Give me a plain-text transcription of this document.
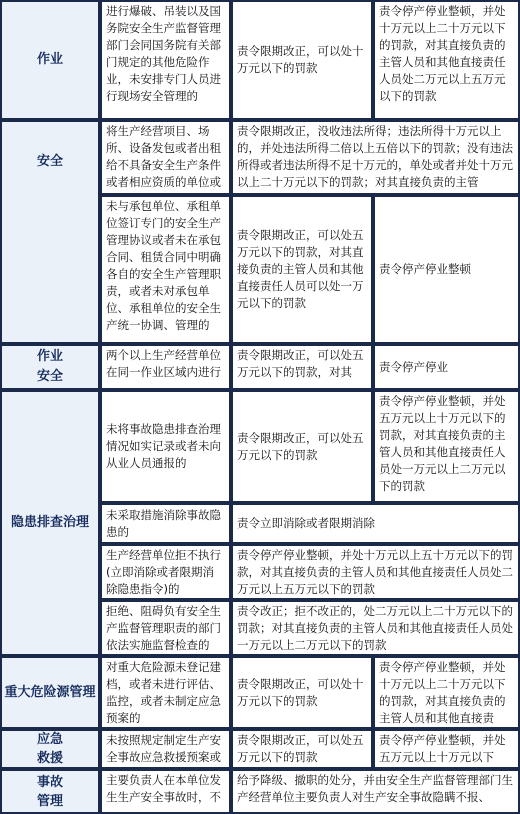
作业
进行爆破、吊装以及国务院安全生产监督管理部门会同国务院有关部门规定的其他危险作业，未安排专门人员进行现场安全管理的
责令限期改正，可以处十万元以下的罚款
责令停产停业整顿，并处十万元以上二十万元以下的罚款，对其直接负责的主管人员和其他直接责任人员处二万元以上五万元以下的罚款
安全
将生产经营项目、场所、设备发包或者出租给不具备安全生产条件或者相应资质的单位或
责令限期改正，没收违法所得；违法所得十万元以上的，并处违法所得二倍以上五倍以下的罚款；没有违法所得或者违法所得不足十万元的，单处或者并处十万元以上二十万元以下的罚款；对其直接负责的主管
未与承包单位、承租单位签订专门的安全生产管理协议或者未在承包合同、租赁合同中明确各自的安全生产管理职责，或者未对承包单位、承租单位的安全生产统一协调、管理的
责令限期改正，可以处五万元以下的罚款，对其直接负责的主管人员和其他直接责任人员可以处一万元以下的罚款
责令停产停业整顿
作业安全
两个以上生产经营单位在同一作业区域内进行
责令限期改正，可以处五万元以下的罚款，对其	责令停产停业
隐患排查治理
未将事故隐患排查治理情况如实记录或者未向从业人员通报的
责令限期改正，可以处五万元以下的罚款
责令停产停业整顿，并处五万元以上十万元以下的罚款，对其直接负责的主管人员和其他直接责任人员处一万元以上二万元以下的罚款
未采取措施消除事故隐患的
责令立即消除或者限期消除
生产经营单位拒不执行(立即消除或者限期消除隐患指令)的
责令停产停业整顿，并处十万元以上五十万元以下的罚款，对其直接负责的主管人员和其他直接责任人员处二万元以上五万元以下的罚款
拒绝、阻碍负有安全生产监督管理职责的部门依法实施监督检查的
责令改正；拒不改正的，处二万元以上二十万元以下的罚款；对其直接负责的主管人员和其他直接责任人员处一万元以上二万元以下的罚款
重大危险源管理
对重大危险源未登记建档，或者未进行评估、监控，或者未制定应急预案的
责令限期改正，可以处十万元以下的罚款
责令停产停业整顿，并处十万元以上二十万元以下的罚款，对其直接负责的主管人员和其他直接责
应急救援
未按照规定制定生产安全事故应急救援预案或
责令限期改正，可以处五万元以下的罚款
责令停产停业整顿，并处五万元以上十万元以下
事故管理
主要负责人在本单位发生生产安全事故时，不
给予降级、撤职的处分，并由安全生产监督管理部门生产经营单位主要负责人对生产安全事故隐瞒不报、
